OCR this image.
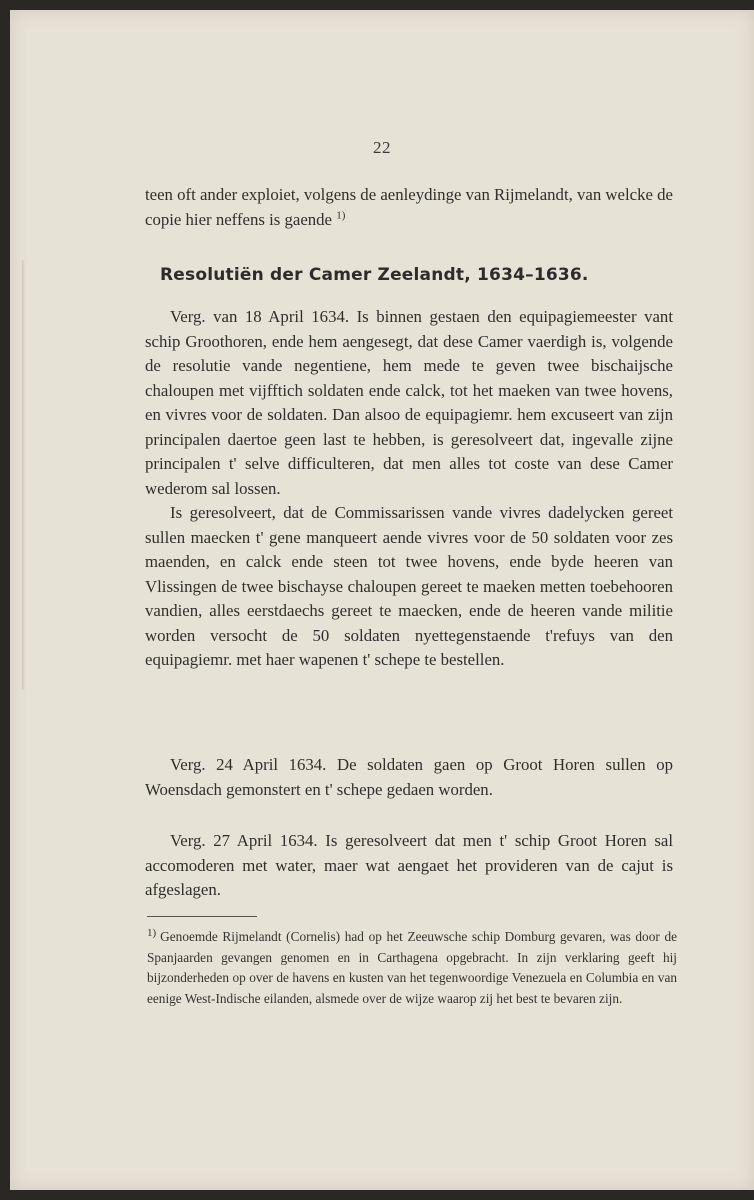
22
teen oft ander exploiet, volgens de aenleydinge van Rijmelandt, van welcke de copie hier neffens is gaende $^{1)}$
Resolutiën der Camer Zeelandt, 1634–1636.

Verg. van 18 April 1634. Is binnen gestaen den equipagiemeester vant schip Groothoren, ende hem aengesegt, dat dese Camer vaerdigh is, volgende de resolutie vande negentiene, hem mede te geven twee bischaijsche chaloupen met vijfftich soldaten ende calck, tot het maeken van twee hovens, en vivres voor de soldaten. Dan alsoo de equipagiemr. hem excuseert van zijn principalen daertoe geen last te hebben, is geresolveert dat, ingevalle zijne principalen t' selve difficulteren, dat men alles tot coste van dese Camer wederom sal lossen.

Is geresolveert, dat de Commissarissen vande vivres dadelycken gereet sullen maecken t' gene manqueert aende vivres voor de 50 soldaten voor zes maenden, en calck ende steen tot twee hovens, ende byde heeren van Vlissingen de twee bischayse chaloupen gereet te maeken metten toebehooren vandien, alles eerstdaechs gereet te maecken, ende de heeren vande militie worden versocht de 50 soldaten nyettegenstaende t'refuys van den equipagiemr. met haer wapenen t' schepe te bestellen.

Verg. 24 April 1634. De soldaten gaen op Groot Horen sullen op Woensdach gemonstert en t' schepe gedaen worden.

Verg. 27 April 1634. Is geresolveert dat men t' schip Groot Horen sal accomoderen met water, maer wat aengaet het provideren van de cajut is afgeslagen.

$^{1)}$ Genoemde Rijmelandt (Cornelis) had op het Zeeuwsche schip Domburg gevaren, was door de Spanjaarden gevangen genomen en in Carthagena opgebracht. In zijn verklaring geeft hij bijzonderheden op over de havens en kusten van het tegenwoordige Venezuela en Columbia en van eenige West-Indische eilanden, alsmede over de wijze waarop zij het best te bevaren zijn.
